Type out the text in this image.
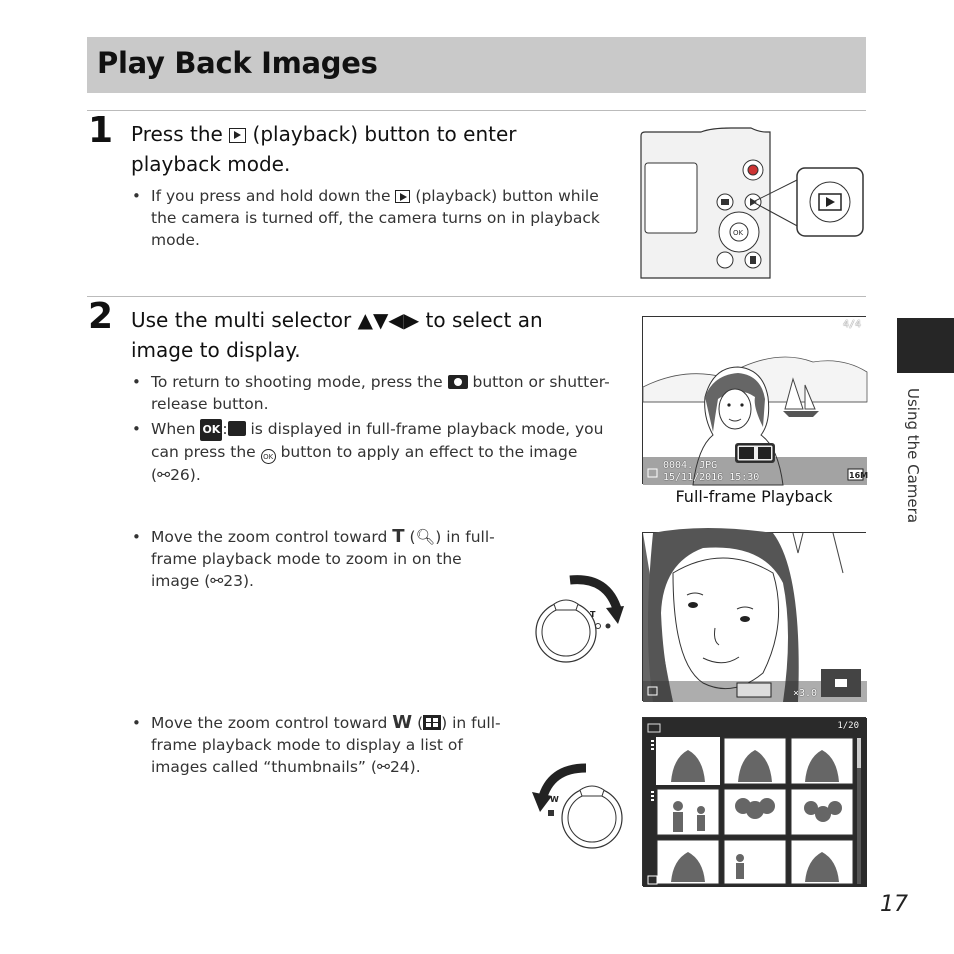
Play Back Images
1 Press the (playback) button to enter playback mode.
• If you press and hold down the (playback) button while the camera is turned off, the camera turns on in playback mode.	OK
2 Use the multi selector ▲▼◀▶ to select an image to display.
• To return to shooting mode, press the button or shutter-release button.
• When OK : is displayed in full-frame playback mode, you can press the OK button to apply an effect to the image (⚯26).
4/4
0004. JPG
15/11/2016 15:30	16M
Full-frame Playback
• Move the zoom control toward T (🔍︎) in full-frame playback mode to zoom in on the image (⚯23).
T
×3.0
• Move the zoom control toward W ( ) in full-frame playback mode to display a list of images called “thumbnails” (⚯24).
W
1/20
Using the Camera
17
